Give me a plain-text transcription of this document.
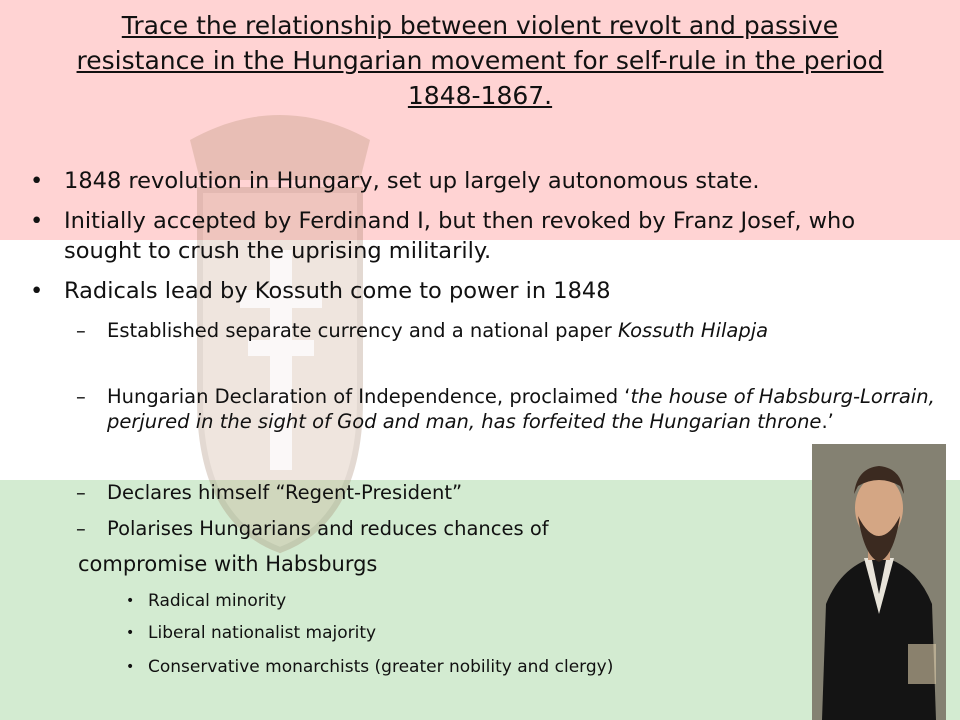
Trace the relationship between violent revolt and passive resistance in the Hungarian movement for self-rule in the period 1848-1867.
• 1848 revolution in Hungary, set up largely autonomous state.
• Initially accepted by Ferdinand I, but then revoked by Franz Josef, who sought to crush the uprising militarily.
• Radicals lead by Kossuth come to power in 1848
– Established separate currency and a national paper Kossuth Hilapja
– Hungarian Declaration of Independence, proclaimed ‘the house of Habsburg-Lorrain, perjured in the sight of God and man, has forfeited the Hungarian throne.’
– Declares himself “Regent-President”
– Polarises Hungarians and reduces chances of
compromise with Habsburgs
• Radical minority
• Liberal nationalist majority
• Conservative monarchists (greater nobility and clergy)
